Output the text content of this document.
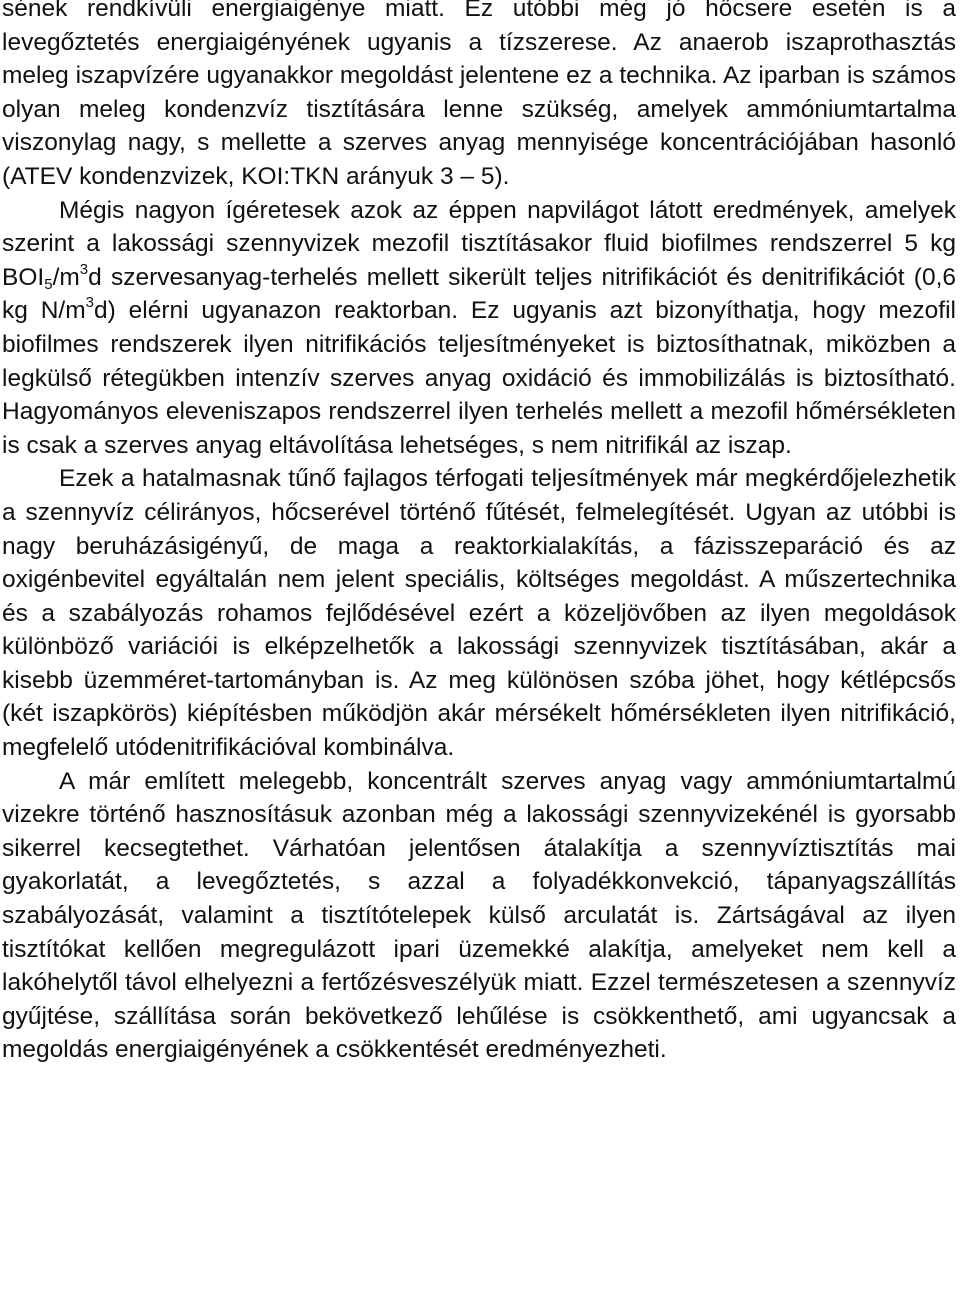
sének rendkívüli energiaigénye miatt. Ez utóbbi még jó hőcsere esetén is a levegőztetés energiaigényének ugyanis a tízszerese. Az anaerob iszaprothasztás meleg iszapvízére ugyanakkor megoldást jelentene ez a technika. Az iparban is számos olyan meleg kondenzvíz tisztítására lenne szükség, amelyek ammóniumtartalma viszonylag nagy, s mellette a szerves anyag mennyisége koncentrációjában hasonló (ATEV kondenzvizek, KOI:TKN arányuk 3 – 5).

Mégis nagyon ígéretesek azok az éppen napvilágot látott eredmények, amelyek szerint a lakossági szennyvizek mezofil tisztításakor fluid biofilmes rendszerrel 5 kg $BOI_5/m^3d$ szervesanyag-terhelés mellett sikerült teljes nitrifikációt és denitrifikációt (0,6 kg $N/m^3d$) elérni ugyanazon reaktorban. Ez ugyanis azt bizonyíthatja, hogy mezofil biofilmes rendszerek ilyen nitrifikációs teljesítményeket is biztosíthatnak, miközben a legkülső rétegükben intenzív szerves anyag oxidáció és immobilizálás is biztosítható. Hagyományos eleveniszapos rendszerrel ilyen terhelés mellett a mezofil hőmérsékleten is csak a szerves anyag eltávolítása lehetséges, s nem nitrifikál az iszap.

Ezek a hatalmasnak tűnő fajlagos térfogati teljesítmények már megkérdőjelezhetik a szennyvíz célirányos, hőcserével történő fűtését, felmelegítését. Ugyan az utóbbi is nagy beruházásigényű, de maga a reaktorkialakítás, a fázisszeparáció és az oxigénbevitel egyáltalán nem jelent speciális, költséges megoldást. A műszertechnika és a szabályozás rohamos fejlődésével ezért a közeljövőben az ilyen megoldások különböző variációi is elképzelhetők a lakossági szennyvizek tisztításában, akár a kisebb üzemméret-tartományban is. Az meg különösen szóba jöhet, hogy kétlépcsős (két iszapkörös) kiépítésben működjön akár mérsékelt hőmérsékleten ilyen nitrifikáció, megfelelő utódenitrifikációval kombinálva.

A már említett melegebb, koncentrált szerves anyag vagy ammóniumtartalmú vizekre történő hasznosításuk azonban még a lakossági szennyvizekénél is gyorsabb sikerrel kecsegtethet. Várhatóan jelentősen átalakítja a szennyvíztisztítás mai gyakorlatát, a levegőztetés, s azzal a folyadékkonvekció, tápanyagszállítás szabályozását, valamint a tisztítótelepek külső arculatát is. Zártságával az ilyen tisztítókat kellően megregulázott ipari üzemekké alakítja, amelyeket nem kell a lakóhelytől távol elhelyezni a fertőzésveszélyük miatt. Ezzel természetesen a szennyvíz gyűjtése, szállítása során bekövetkező lehűlése is csökkenthető, ami ugyancsak a megoldás energiaigényének a csökkentését eredményezheti.
